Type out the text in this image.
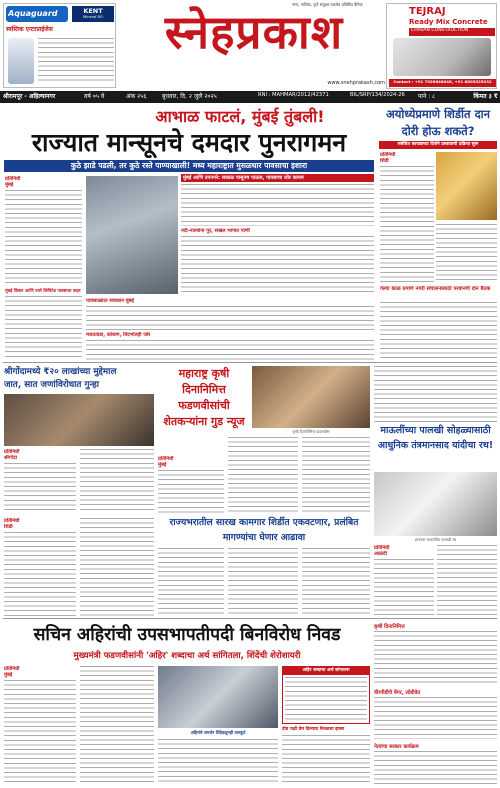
Aquaguard	KENT
Mineral RO
स्वस्तिक एन्टरप्राईजेस	स्नेहप्रकाश
नगर, नाशिक, पुणे संयुक्त एकमेव प्रतिष्ठित दैनिक
www.snehprakash.com
TEJRAJ
Ready Mix Concrete
CHAVAN CONSTRUCTION
Contact : +91 7028648048, +91 8805525032
श्रीरामपूर - अहिल्यानगर	वर्ष ०५ वे	अंक २५६	बुधवार, दि. २ जुलै २०२५	RNI : MAHMAR/2012/42371	BIL/SRP/134/2024-26	पाने : ८	किंमत ३ ₹
आभाळ फाटलं, मुंबई तुंबली!
राज्यात मान्सूनचे दमदार पुनरागमन
कुठे झाडे पडली, तर कुठे रस्ते पाण्याखाली! मध्य महाराष्ट्रात मुसळधार पावसाचा इशारा
प्रतिनिधी
मुंबई
मुंबई आणि उपनगरे: सकाळ पासूनच पाऊस, पावसाचा जोर कायम
नदी-नाल्यांना पूर, सखल भागात पाणी
मुंबई शिवार आणि उपरे लिमिटेड पावसाचा कहर
पावसाळ्यात सावधान मुंबई
मराठवाडा, कोकण, विदर्भातही जोर
अयोध्येप्रमाणे शिर्डीत दान दोरी होऊ शकते?
संबंधित कायद्याच्या दिशेने प्रस्तावाची प्रक्रिया सुरू
प्रतिनिधी
शिर्डी
गेल्या काळ प्रमाणे नगरी संचालनासाठी परवानगी दोन बैठक
श्रीगोंदामध्ये ₹२० लाखांच्या मुद्देमाल
जात, सात जणांविरोधात गुन्हा
प्रतिनिधी
श्रीगोंदा
महाराष्ट्र कृषी दिनानिमित्त फडणवीसांची शेतकऱ्यांना गुड न्यूज
कृषी दिनानिमित्त फडणवीस
प्रतिनिधी
मुंबई
माऊलींच्या पालखी सोहळ्यासाठी आधुनिक तंत्रमानसाद यांदीचा रथ!
राज्यभरातील सारख कामगार शिर्डीत एकवटणार, प्रलंबित मागण्यांचा घेणार आढावा
प्रतिनिधी
शिर्डी
ज्ञानेश्वर माऊलींचा पालखी रथ
प्रतिनिधी
आळंदी
सचिन अहिरांची उपसभापतीपदी बिनविरोध निवड
मुख्यमंत्री फडणवीसांनी 'अहिर' शब्दाचा अर्थ सांगितला, शिंदेंची शेरोशायरी
प्रतिनिधी
मुंबई
अहिरांचे समर्थन शिंदेकडूनही उत्स्फूर्त
अहिर शब्दाचा अर्थ सांगताना
दोघ पक्षी प्रेम दिल्याच नितळचा झाला
कृषी दिनानिमित्त
वीरपीडीचे वेंगर, लोडीवेत
नेत्यांचा सत्कार कार्यक्रम
